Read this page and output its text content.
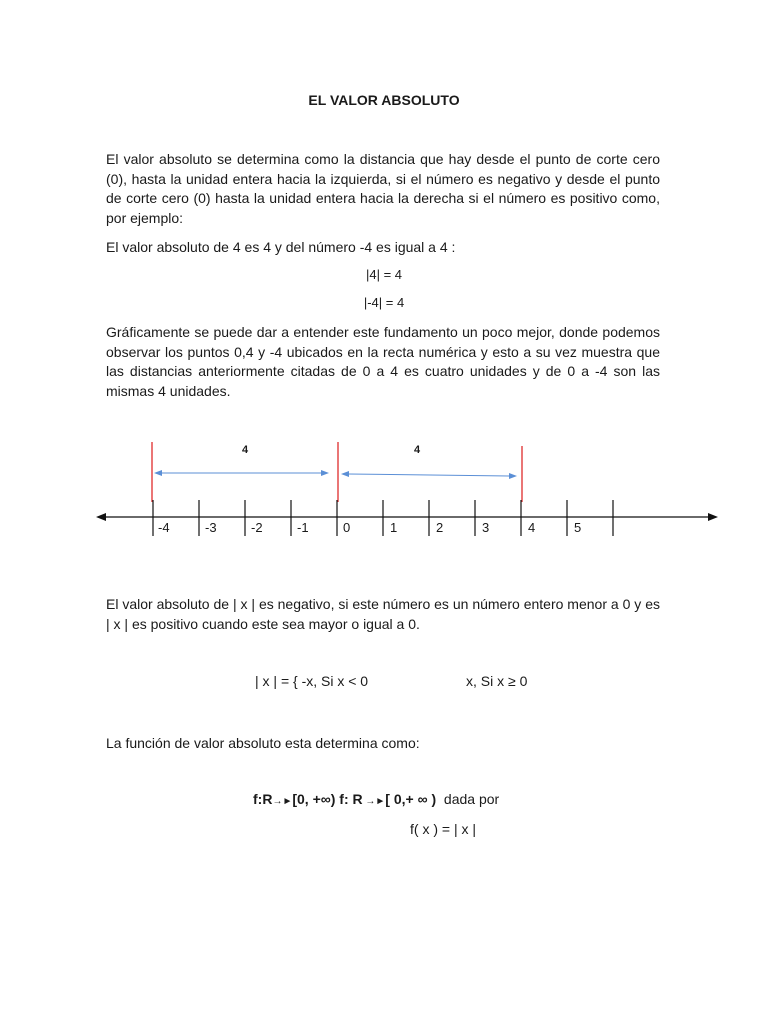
EL VALOR ABSOLUTO
El valor absoluto se determina como la distancia que hay desde el punto de corte cero (0), hasta la unidad entera hacia la izquierda, si el número es negativo y desde el punto de corte cero (0) hasta la unidad entera hacia la derecha si el número es positivo como, por ejemplo:
El valor absoluto de 4 es 4 y del número -4 es igual a 4 :
|4| = 4
|-4| = 4
Gráficamente se puede dar a entender este fundamento un poco mejor, donde podemos observar los puntos 0,4 y -4 ubicados en la recta numérica y esto a su vez muestra que las distancias anteriormente citadas de 0 a 4 es cuatro unidades y de 0 a -4 son las mismas 4 unidades.
4	4
-4	-3	-2	-1	0	1	2	3	4	5
El valor absoluto de | x | es negativo, si este número es un número entero menor a 0 y es | x | es positivo cuando este sea mayor o igual a 0.
| x | = { -x, Si x < 0	x, Si x ≥ 0
La función de valor absoluto esta determina como:
f:R→►[0, +∞) f: R →►[ 0,+ ∞ ) dada por
f( x ) = | x |
